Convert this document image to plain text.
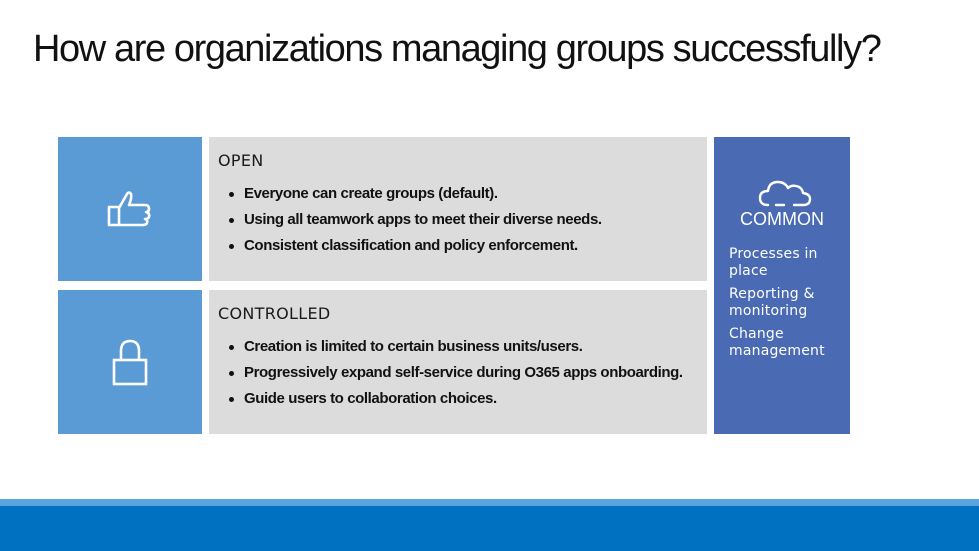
How are organizations managing groups successfully?
OPEN
Everyone can create groups (default).
Using all teamwork apps to meet their diverse needs.
Consistent classification and policy enforcement.
CONTROLLED
Creation is limited to certain business units/users.
Progressively expand self-service during O365 apps onboarding.
Guide users to collaboration choices.
COMMON
Processes in place
Reporting & monitoring
Change management
